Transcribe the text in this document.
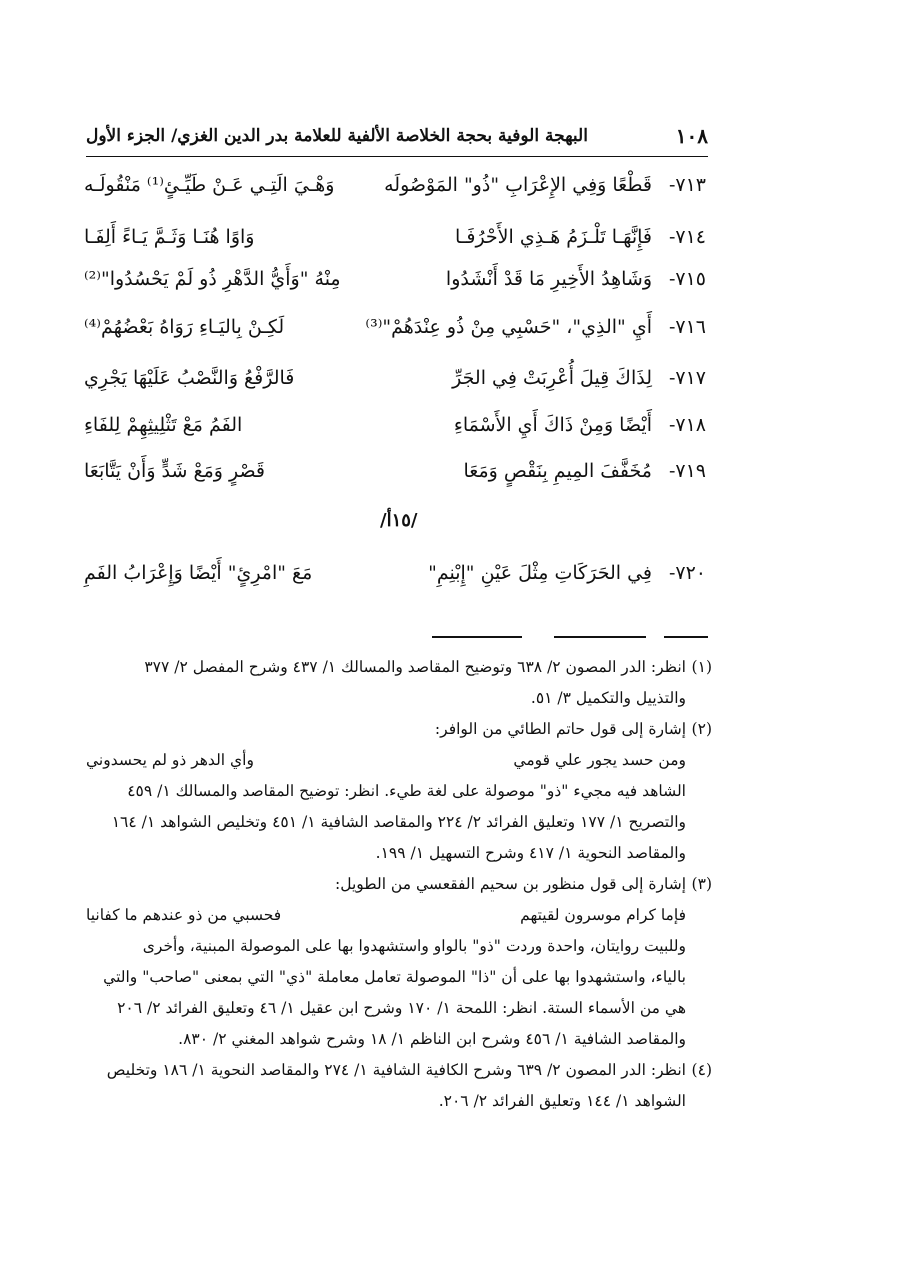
١٠٨
البهجة الوفية بحجة الخلاصة الألفية للعلامة بدر الدين الغزي/ الجزء الأول
٧١٣-
قَطْعًا وَفِي الإِعْرَابِ "ذُو" المَوْصُولَه
وَهْـيَ الَتِـي عَـنْ طَيِّـئٍ⁽¹⁾ مَنْقُولَـه
٧١٤-
فَإِنَّهَـا تَلْـزَمُ هَـذِي الأَحْرُفَـا
وَاوًا هُنَـا وَثَـمَّ يَـاءً أَلِفَـا
٧١٥-
وَشَاهِدُ الأَخِيرِ مَا قَدْ أَنْشَدُوا
مِنْهُ "وَأَيُّ الدَّهْرِ ذُو لَمْ يَحْسُدُوا"⁽²⁾
٧١٦-
أَيِ "الذِي"، "حَسْبِي مِنْ ذُو عِنْدَهُمْ"⁽³⁾
لَكِـنْ بِاليَـاءِ رَوَاهُ بَعْضُهُمْ⁽⁴⁾
٧١٧-
لِذَاكَ قِيلَ أُعْرِبَتْ فِي الجَرِّ
فَالرَّفْعُ وَالنَّصْبُ عَلَيْهَا يَجْرِي
٧١٨-
أَيْضًا وَمِنْ ذَاكَ أَيِ الأَسْمَاءِ
الفَمُ مَعْ تَثْلِيثِهِمْ لِلفَاءِ
٧١٩-
مُخَفَّفَ المِيمِ بِنَقْصٍ وَمَعَا
قَصْرٍ وَمَعْ شَدٍّ وَأَنْ يَتَّابَعَا
/١٥أ/
٧٢٠-
فِي الحَرَكَاتِ مِثْلَ عَيْنِ "إِبْنِمِ"
مَعَ "امْرِئٍ" أَيْضًا وَإِعْرَابُ الفَمِ
(١)
انظر: الدر المصون ٢/ ٦٣٨ وتوضيح المقاصد والمسالك ١/ ٤٣٧ وشرح المفصل ٢/ ٣٧٧
والتذييل والتكميل ٣/ ٥١.
(٢)
إشارة إلى قول حاتم الطائي من الوافر:
ومن حسد يجور علي قومي
وأي الدهر ذو لم يحسدوني
الشاهد فيه مجيء "ذو" موصولة على لغة طيء. انظر: توضيح المقاصد والمسالك ١/ ٤٥٩
والتصريح ١/ ١٧٧ وتعليق الفرائد ٢/ ٢٢٤ والمقاصد الشافية ١/ ٤٥١ وتخليص الشواهد ١/ ١٦٤
والمقاصد النحوية ١/ ٤١٧ وشرح التسهيل ١/ ١٩٩.
(٣)
إشارة إلى قول منظور بن سحيم الفقعسي من الطويل:
فإما كرام موسرون لقيتهم
فحسبي من ذو عندهم ما كفانيا
وللبيت روايتان، واحدة وردت "ذو" بالواو واستشهدوا بها على الموصولة المبنية، وأخرى
بالياء، واستشهدوا بها على أن "ذا" الموصولة تعامل معاملة "ذي" التي بمعنى "صاحب" والتي
هي من الأسماء الستة. انظر: اللمحة ١/ ١٧٠ وشرح ابن عقيل ١/ ٤٦ وتعليق الفرائد ٢/ ٢٠٦
والمقاصد الشافية ١/ ٤٥٦ وشرح ابن الناظم ١/ ١٨ وشرح شواهد المغني ٢/ ٨٣٠.
(٤)
انظر: الدر المصون ٢/ ٦٣٩ وشرح الكافية الشافية ١/ ٢٧٤ والمقاصد النحوية ١/ ١٨٦ وتخليص
الشواهد ١/ ١٤٤ وتعليق الفرائد ٢/ ٢٠٦.
